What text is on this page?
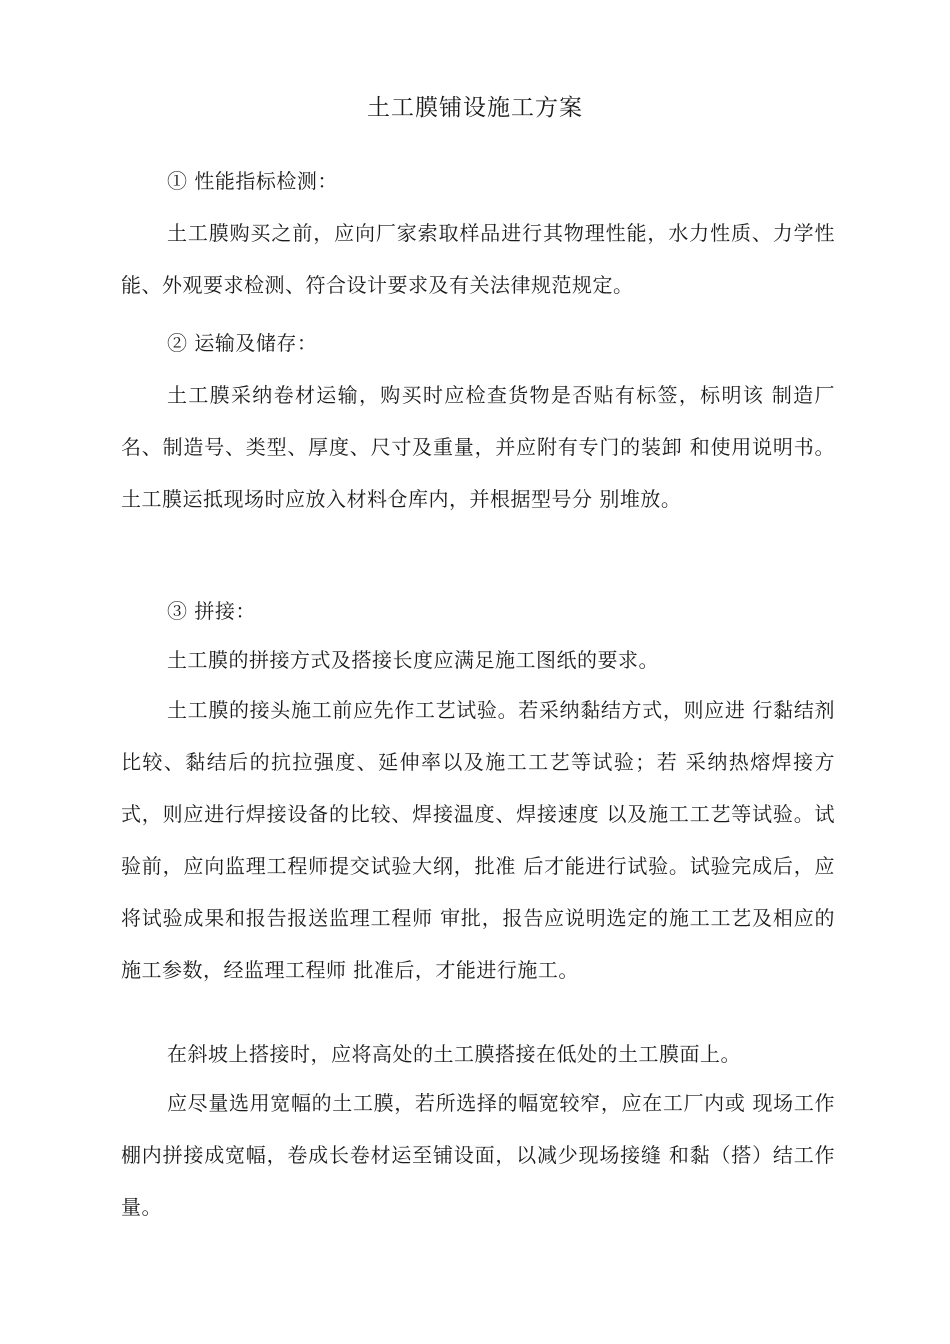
土工膜铺设施工方案

① 性能指标检测：

土工膜购买之前，应向厂家索取样品进行其物理性能，水力性质、力学性能、外观要求检测、符合设计要求及有关法律规范规定。

② 运输及储存：

土工膜采纳卷材运输，购买时应检查货物是否贴有标签，标明该 制造厂名、制造号、类型、厚度、尺寸及重量，并应附有专门的装卸 和使用说明书。土工膜运抵现场时应放入材料仓库内，并根据型号分 别堆放。

③ 拼接：

土工膜的拼接方式及搭接长度应满足施工图纸的要求。

土工膜的接头施工前应先作工艺试验。若采纳黏结方式，则应进 行黏结剂比较、黏结后的抗拉强度、延伸率以及施工工艺等试验；若 采纳热熔焊接方式，则应进行焊接设备的比较、焊接温度、焊接速度 以及施工工艺等试验。试验前，应向监理工程师提交试验大纲，批准 后才能进行试验。试验完成后，应将试验成果和报告报送监理工程师 审批，报告应说明选定的施工工艺及相应的施工参数，经监理工程师 批准后，才能进行施工。

在斜坡上搭接时，应将高处的土工膜搭接在低处的土工膜面上。

应尽量选用宽幅的土工膜，若所选择的幅宽较窄，应在工厂内或 现场工作棚内拼接成宽幅，卷成长卷材运至铺设面，以减少现场接缝 和黏（搭）结工作量。
